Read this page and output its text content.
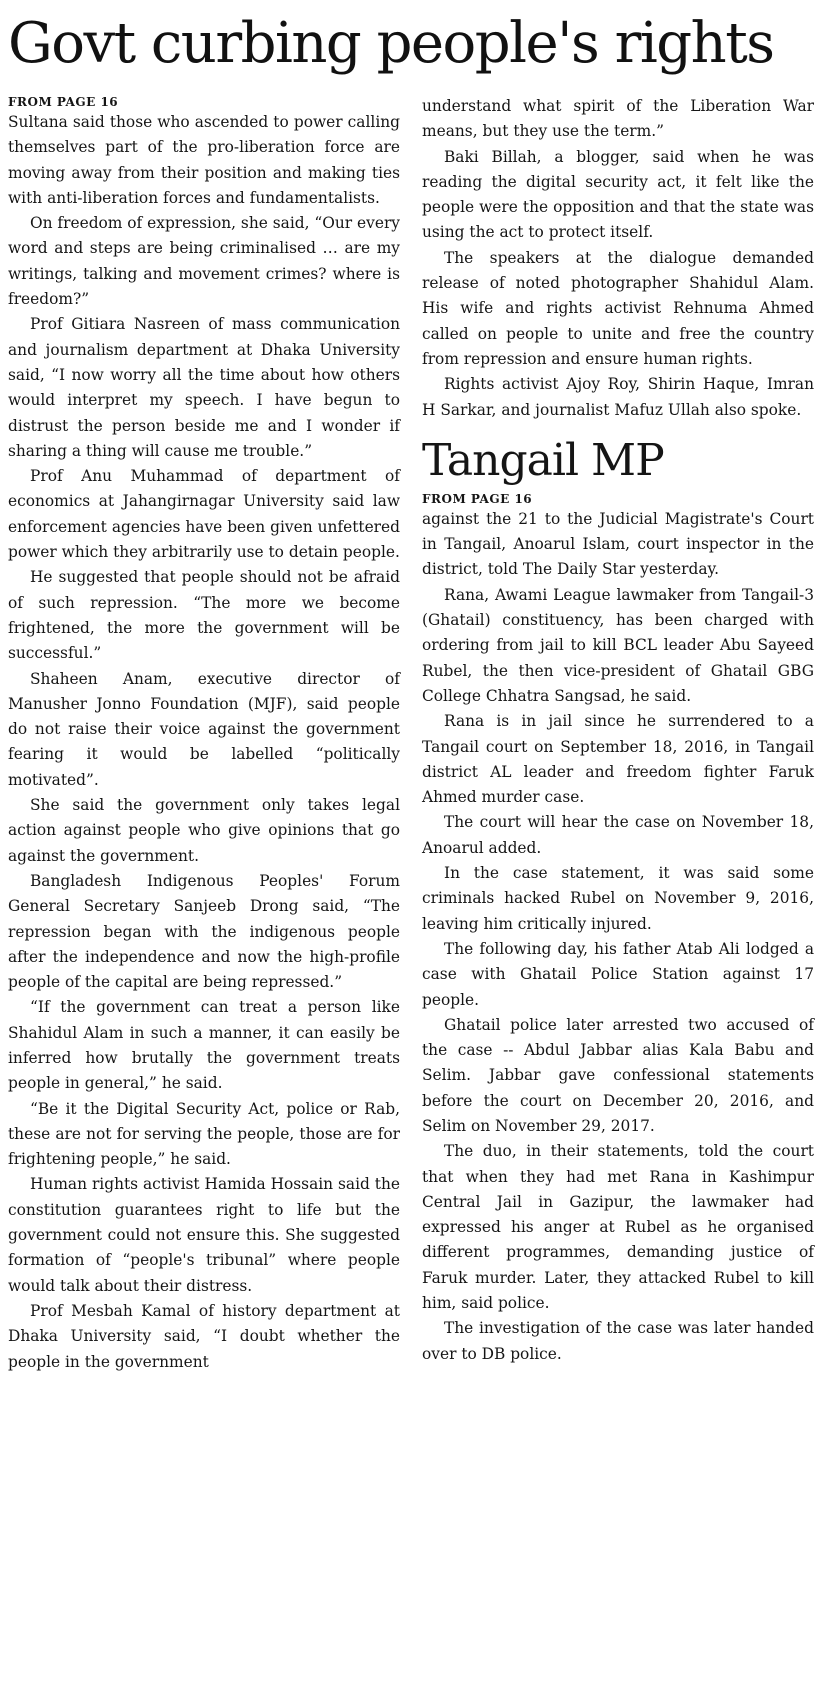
Govt curbing people's rights
FROM PAGE 16

Sultana said those who ascended to power calling themselves part of the pro-liberation force are moving away from their position and making ties with anti-liberation forces and fundamentalists.

On freedom of expression, she said, “Our every word and steps are being criminalised … are my writings, talking and movement crimes? where is freedom?”

Prof Gitiara Nasreen of mass communication and journalism department at Dhaka University said, “I now worry all the time about how others would interpret my speech. I have begun to distrust the person beside me and I wonder if sharing a thing will cause me trouble.”

Prof Anu Muhammad of department of economics at Jahangirnagar University said law enforcement agencies have been given unfettered power which they arbitrarily use to detain people.

He suggested that people should not be afraid of such repression. “The more we become frightened, the more the government will be successful.”

Shaheen Anam, executive director of Manusher Jonno Foundation (MJF), said people do not raise their voice against the government fearing it would be labelled “politically motivated”.

She said the government only takes legal action against people who give opinions that go against the government.

Bangladesh Indigenous Peoples' Forum General Secretary Sanjeeb Drong said, “The repression began with the indigenous people after the independence and now the high-profile people of the capital are being repressed.”

“If the government can treat a person like Shahidul Alam in such a manner, it can easily be inferred how brutally the government treats people in general,” he said.

“Be it the Digital Security Act, police or Rab, these are not for serving the people, those are for frightening people,” he said.

Human rights activist Hamida Hossain said the constitution guarantees right to life but the government could not ensure this. She suggested formation of “people's tribunal” where people would talk about their distress.

Prof Mesbah Kamal of history department at Dhaka University said, “I doubt whether the people in the government

understand what spirit of the Liberation War means, but they use the term.”

Baki Billah, a blogger, said when he was reading the digital security act, it felt like the people were the opposition and that the state was using the act to protect itself.

The speakers at the dialogue demanded release of noted photographer Shahidul Alam. His wife and rights activist Rehnuma Ahmed called on people to unite and free the country from repression and ensure human rights.

Rights activist Ajoy Roy, Shirin Haque, Imran H Sarkar, and journalist Mafuz Ullah also spoke.

Tangail MP
FROM PAGE 16

against the 21 to the Judicial Magistrate's Court in Tangail, Anoarul Islam, court inspector in the district, told The Daily Star yesterday.

Rana, Awami League lawmaker from Tangail-3 (Ghatail) constituency, has been charged with ordering from jail to kill BCL leader Abu Sayeed Rubel, the then vice-president of Ghatail GBG College Chhatra Sangsad, he said.

Rana is in jail since he surrendered to a Tangail court on September 18, 2016, in Tangail district AL leader and freedom fighter Faruk Ahmed murder case.

The court will hear the case on November 18, Anoarul added.

In the case statement, it was said some criminals hacked Rubel on November 9, 2016, leaving him critically injured.

The following day, his father Atab Ali lodged a case with Ghatail Police Station against 17 people.

Ghatail police later arrested two accused of the case -- Abdul Jabbar alias Kala Babu and Selim. Jabbar gave confessional statements before the court on December 20, 2016, and Selim on November 29, 2017.

The duo, in their statements, told the court that when they had met Rana in Kashimpur Central Jail in Gazipur, the lawmaker had expressed his anger at Rubel as he organised different programmes, demanding justice of Faruk murder. Later, they attacked Rubel to kill him, said police.

The investigation of the case was later handed over to DB police.
